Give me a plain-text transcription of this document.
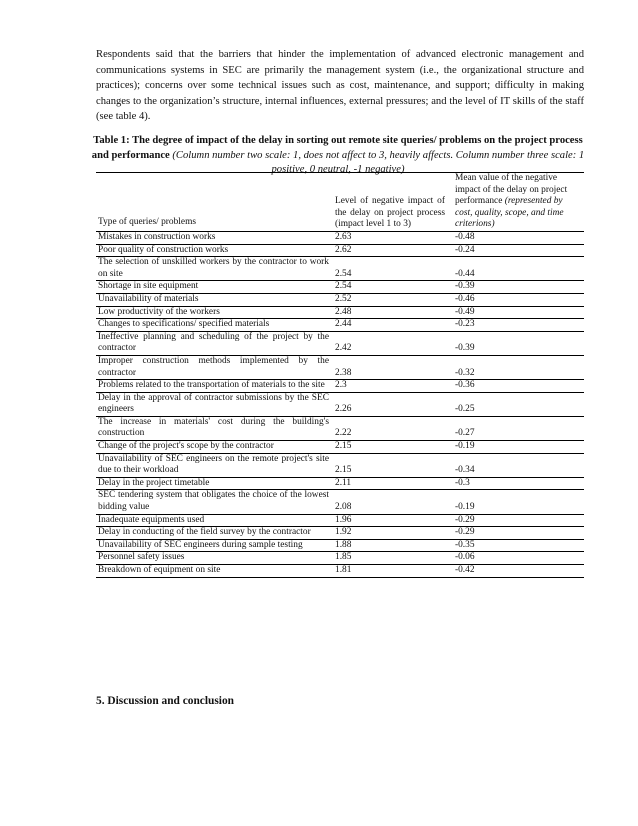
Respondents said that the barriers that hinder the implementation of advanced electronic management and communications systems in SEC are primarily the management system (i.e., the organizational structure and practices); concerns over some technical issues such as cost, maintenance, and support; difficulty in making changes to the organization’s structure, internal influences, external pressures; and the level of IT skills of the staff (see table 4).

Table 1: The degree of impact of the delay in sorting out remote site queries/ problems on the project process and performance (Column number two scale: 1, does not affect to 3, heavily affects. Column number three scale: 1 positive, 0 neutral, -1 negative)
Type of queries/ problems	Level of negative impact of the delay on project process (impact level 1 to 3)	Mean value of the negative impact of the delay on project performance (represented by cost, quality, scope, and time criterions)
Mistakes in construction works	2.63	-0.48
Poor quality of construction works	2.62	-0.24
The selection of unskilled workers by the contractor to work on site	2.54	-0.44
Shortage in site equipment	2.54	-0.39
Unavailability of materials	2.52	-0.46
Low productivity of the workers	2.48	-0.49
Changes to specifications/ specified materials	2.44	-0.23
Ineffective planning and scheduling of the project by the contractor	2.42	-0.39
Improper construction methods implemented by the contractor	2.38	-0.32
Problems related to the transportation of materials to the site	2.3	-0.36
Delay in the approval of contractor submissions by the SEC engineers	2.26	-0.25
The increase in materials' cost during the building's construction	2.22	-0.27
Change of the project's scope by the contractor	2.15	-0.19
Unavailability of SEC engineers on the remote project's site due to their workload	2.15	-0.34
Delay in the project timetable	2.11	-0.3
SEC tendering system that obligates the choice of the lowest bidding value	2.08	-0.19
Inadequate equipments used	1.96	-0.29
Delay in conducting of the field survey by the contractor	1.92	-0.29
Unavailability of SEC engineers during sample testing	1.88	-0.35
Personnel safety issues	1.85	-0.06
Breakdown of equipment on site	1.81	-0.42
5. Discussion and conclusion
